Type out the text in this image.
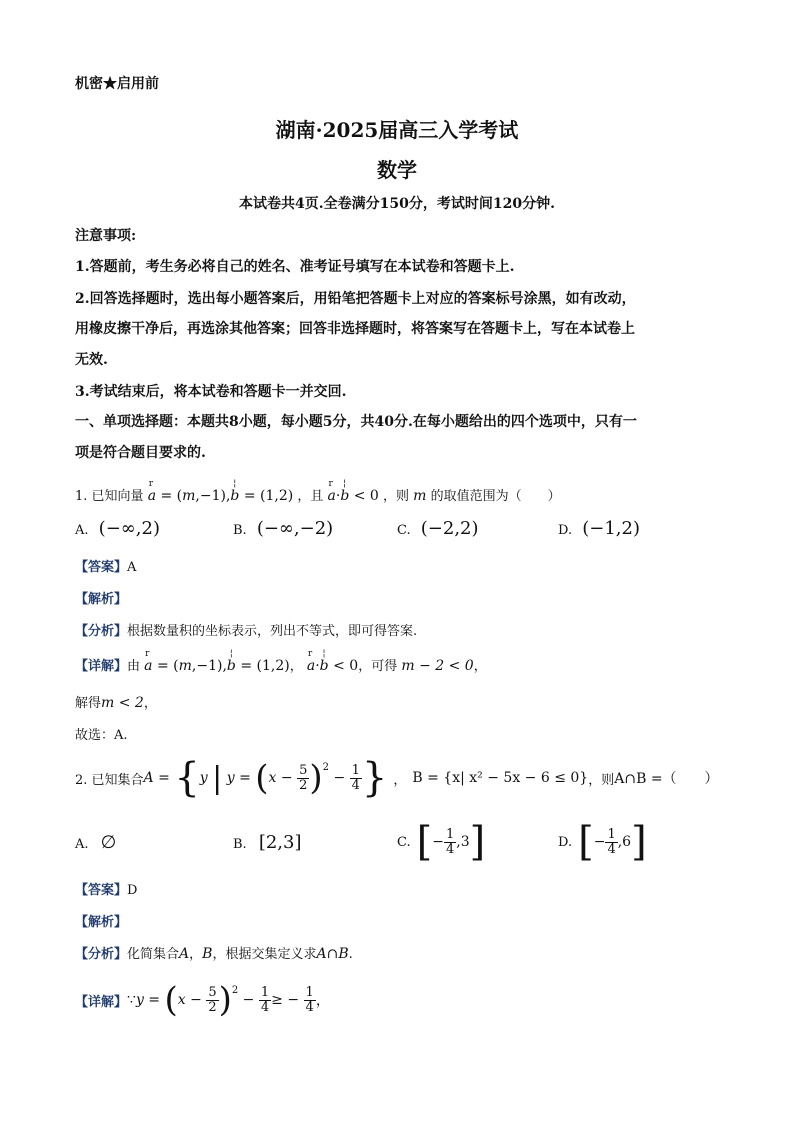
机密★启用前
湖南·2025届高三入学考试
数学
本试卷共4页.全卷满分150分，考试时间120分钟.
注意事项:
1.答题前，考生务必将自己的姓名、准考证号填写在本试卷和答题卡上.
2.回答选择题时，选出每小题答案后，用铅笔把答题卡上对应的答案标号涂黑，如有改动，
用橡皮擦干净后，再选涂其他答案；回答非选择题时，将答案写在答题卡上，写在本试卷上
无效.
3.考试结束后，将本试卷和答题卡一并交回.
一、单项选择题：本题共8小题，每小题5分，共40分.在每小题给出的四个选项中，只有一
项是符合题目要求的.
1. 已知向量 r a = (m,−1), ¦ b = (1,2) ，且 r a· ¦ b < 0 ，则 m 的取值范围为（　　）
A. (−∞,2)	B. (−∞,−2)	C. (−2,2)	D. (−1,2)
【答案】A
【解析】
【分析】根据数量积的坐标表示，列出不等式，即可得答案.
【详解】由 r a = (m,−1), ¦ b = (1,2)， r a· ¦ b < 0，可得 m − 2 < 0，
解得m < 2，
故选：A.
2. 已知集合 A = { y
|
y = ( $x - \frac{5}{2} )^2$
− $\frac{1}{4}$ } ， B = {x| x² − 5x − 6 ≤ 0} ，则 A∩B =（　　）
A. ∅	B. [2,3]	C. [ − $\frac{1}{4} ,3$ ]	D. [ − $\frac{1}{4} ,6$ ]
【答案】D
【解析】
【分析】化简集合A，B，根据交集定义求A∩B.
【详解】 ∵ y = ( $x - \frac{5}{2} )^2$
− $\frac{1}{4}$ ≥ − $\frac{1}{4}$ ，
